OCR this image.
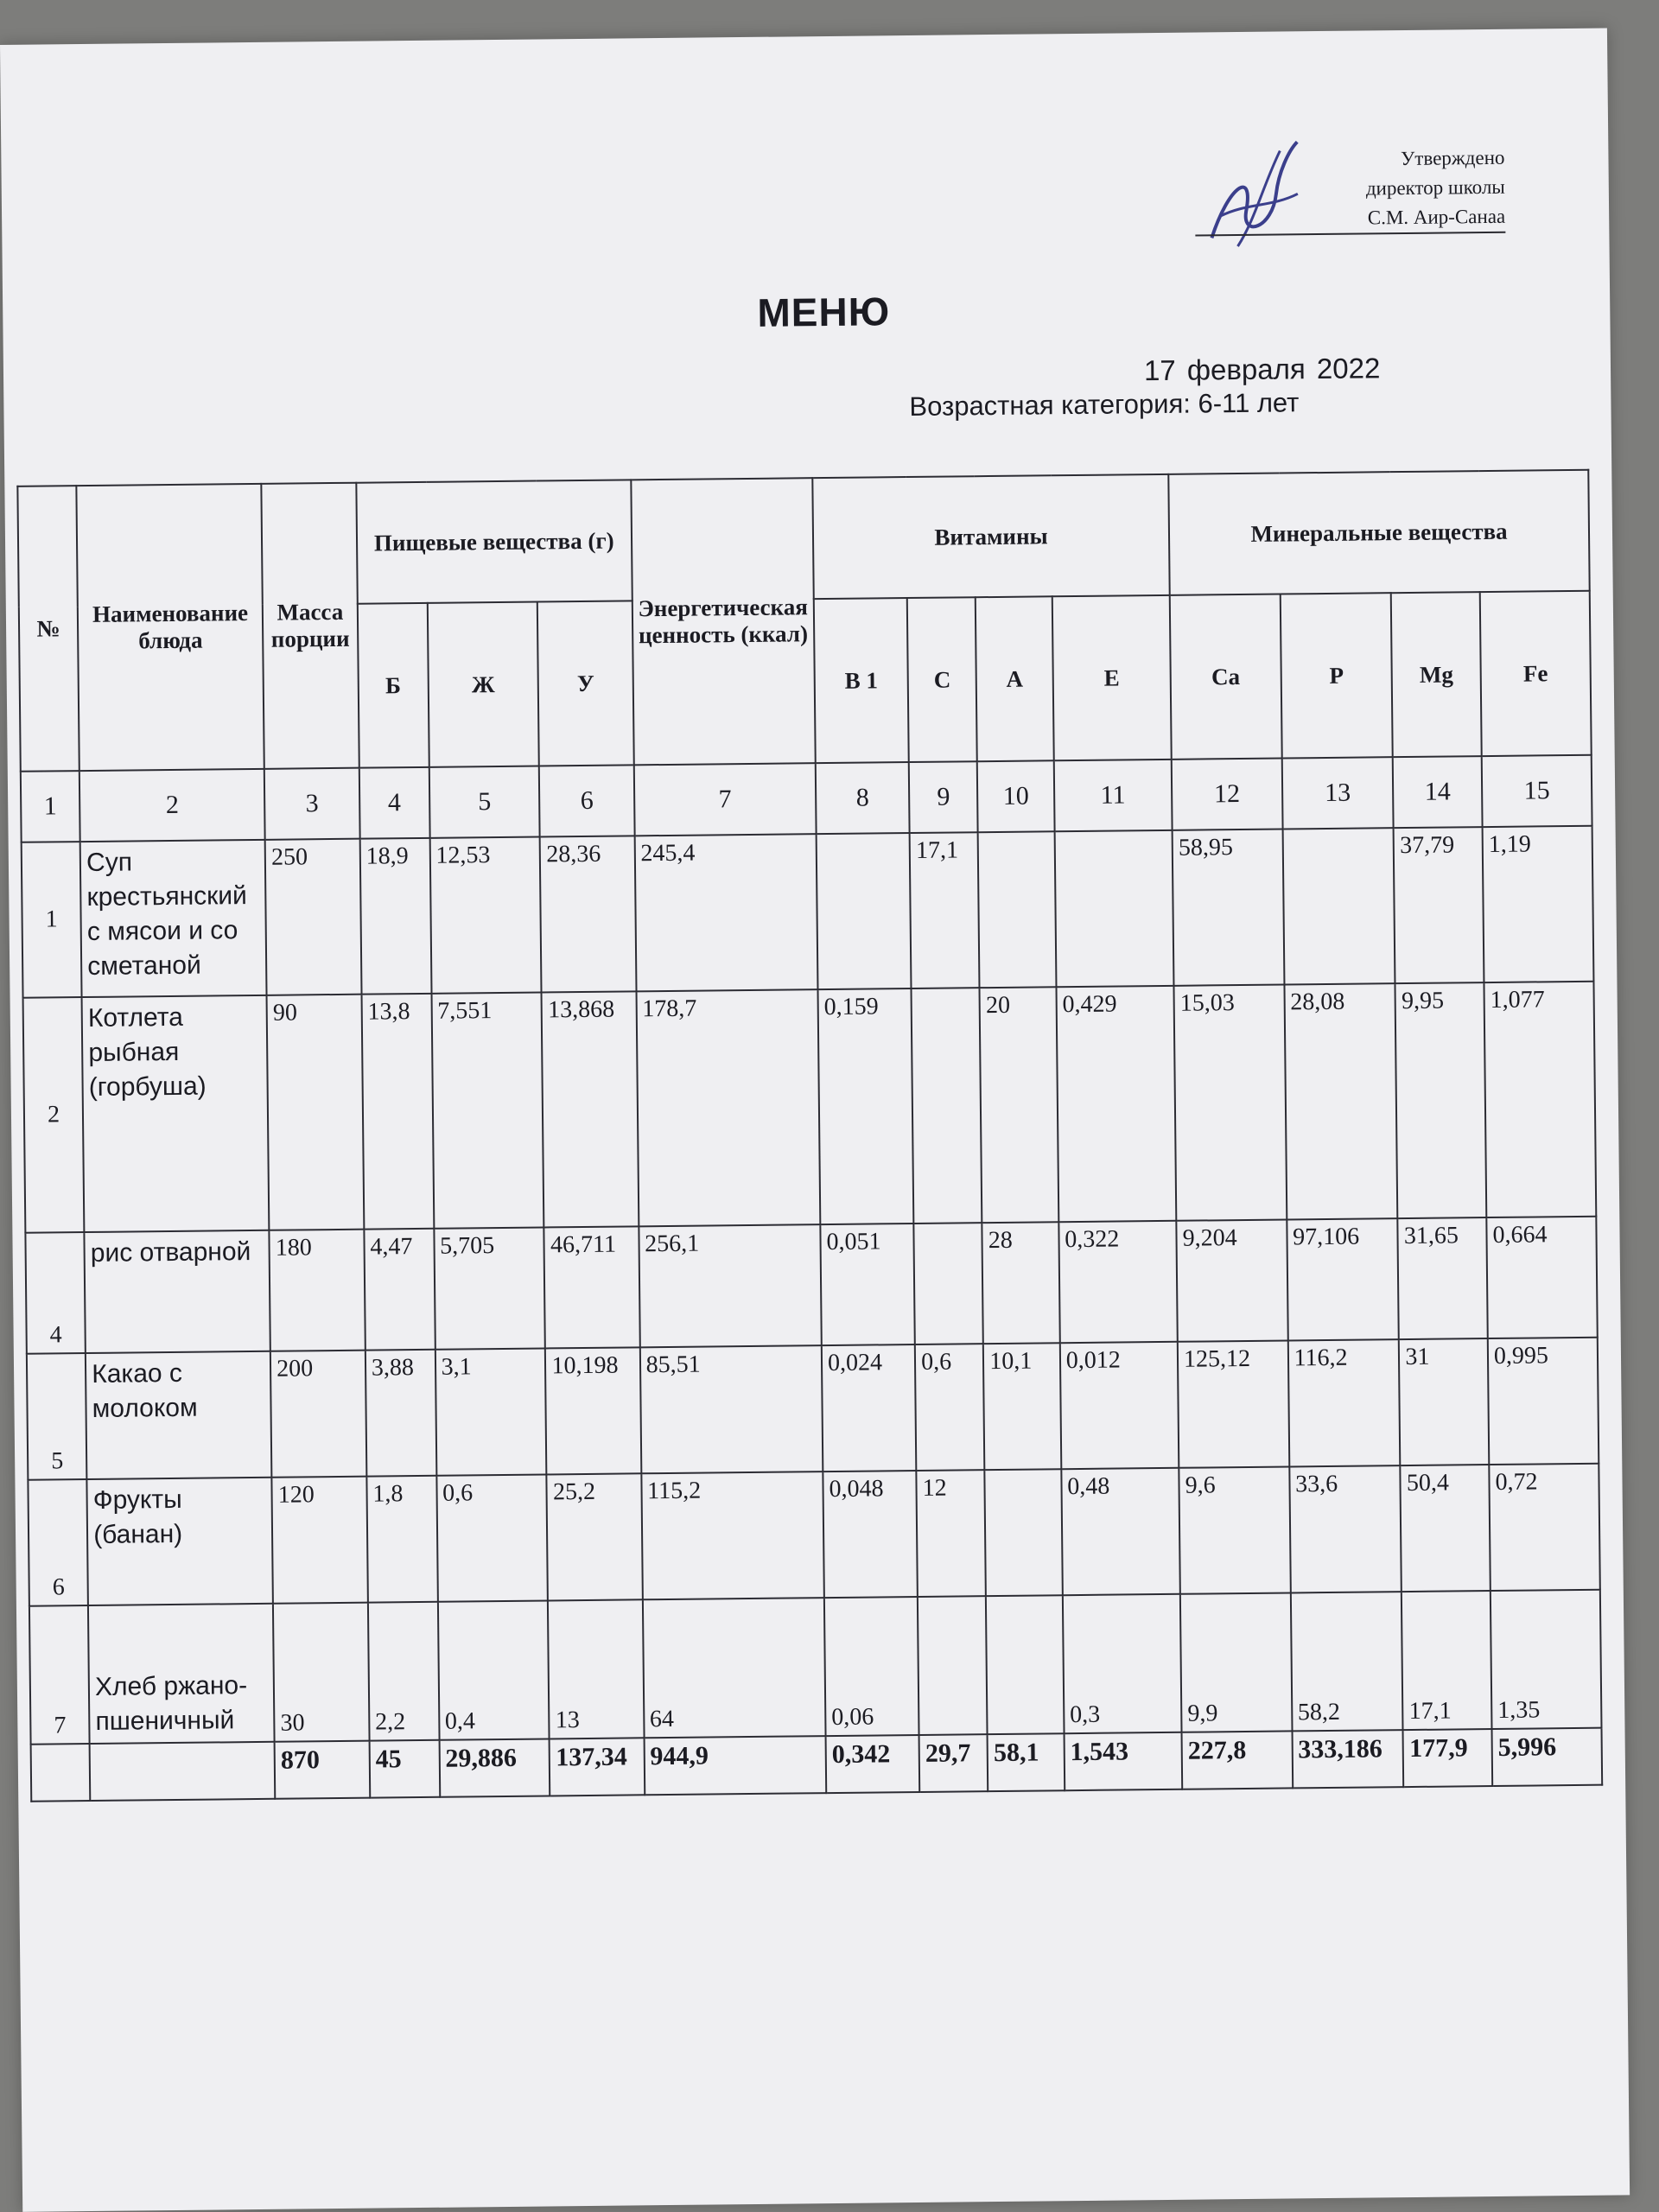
Утверждено
директор школы
С.М. Аир-Санаа
МЕНЮ
17 февраля 2022
Возрастная категория: 6-11 лет
№	Наименование блюда	Масса порции	Пищевые вещества (г)			Энергетическая ценность (ккал)	Витамины				Минеральные вещества			
			Б	Ж	У		В 1	С	А	Е	Са	Р	Mg	Fe
1	2	3	4	5	6	7	8	9	10	11	12	13	14	15
1	Суп крестьянский с мясои и со сметаной	250	18,9	12,53	28,36	245,4		17,1			58,95		37,79	1,19
2	Котлета рыбная (горбуша)	90	13,8	7,551	13,868	178,7	0,159		20	0,429	15,03	28,08	9,95	1,077
4	рис отварной	180	4,47	5,705	46,711	256,1	0,051		28	0,322	9,204	97,106	31,65	0,664
5	Какао с молоком	200	3,88	3,1	10,198	85,51	0,024	0,6	10,1	0,012	125,12	116,2	31	0,995
6	Фрукты (банан)	120	1,8	0,6	25,2	115,2	0,048	12		0,48	9,6	33,6	50,4	0,72
7	Хлеб ржано-пшеничный	30	2,2	0,4	13	64	0,06			0,3	9,9	58,2	17,1	1,35
		870	45	29,886	137,34	944,9	0,342	29,7	58,1	1,543	227,8	333,186	177,9	5,996
